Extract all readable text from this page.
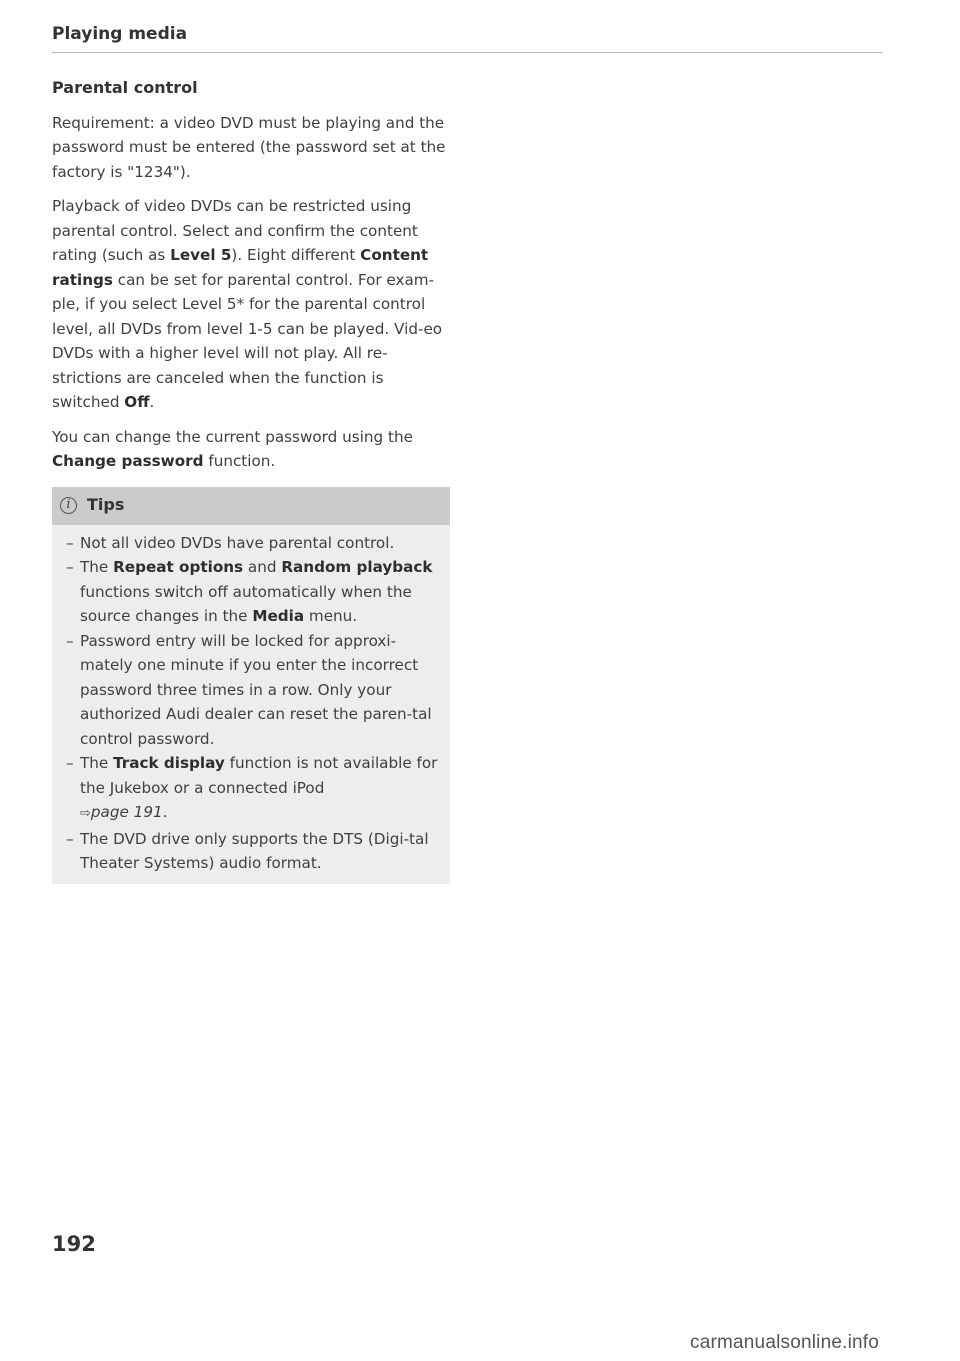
Playing media
Parental control

Requirement: a video DVD must be playing and the password must be entered (the password set at the factory is "1234").

Playback of video DVDs can be restricted using parental control. Select and confirm the content rating (such as Level 5). Eight different Content ratings can be set for parental control. For exam-ple, if you select Level 5* for the parental control level, all DVDs from level 1-5 can be played. Vid-eo DVDs with a higher level will not play. All re-strictions are canceled when the function is switched Off.

You can change the current password using the Change password function.

i	Tips
– Not all video DVDs have parental control.
– The Repeat options and Random playback functions switch off automatically when the source changes in the Media menu.
– Password entry will be locked for approxi-mately one minute if you enter the incorrect password three times in a row. Only your authorized Audi dealer can reset the paren-tal control password.
– The Track display function is not available for the Jukebox or a connected iPod
⇨page 191.
– The DVD drive only supports the DTS (Digi-tal Theater Systems) audio format.
192
carmanualsonline.info
